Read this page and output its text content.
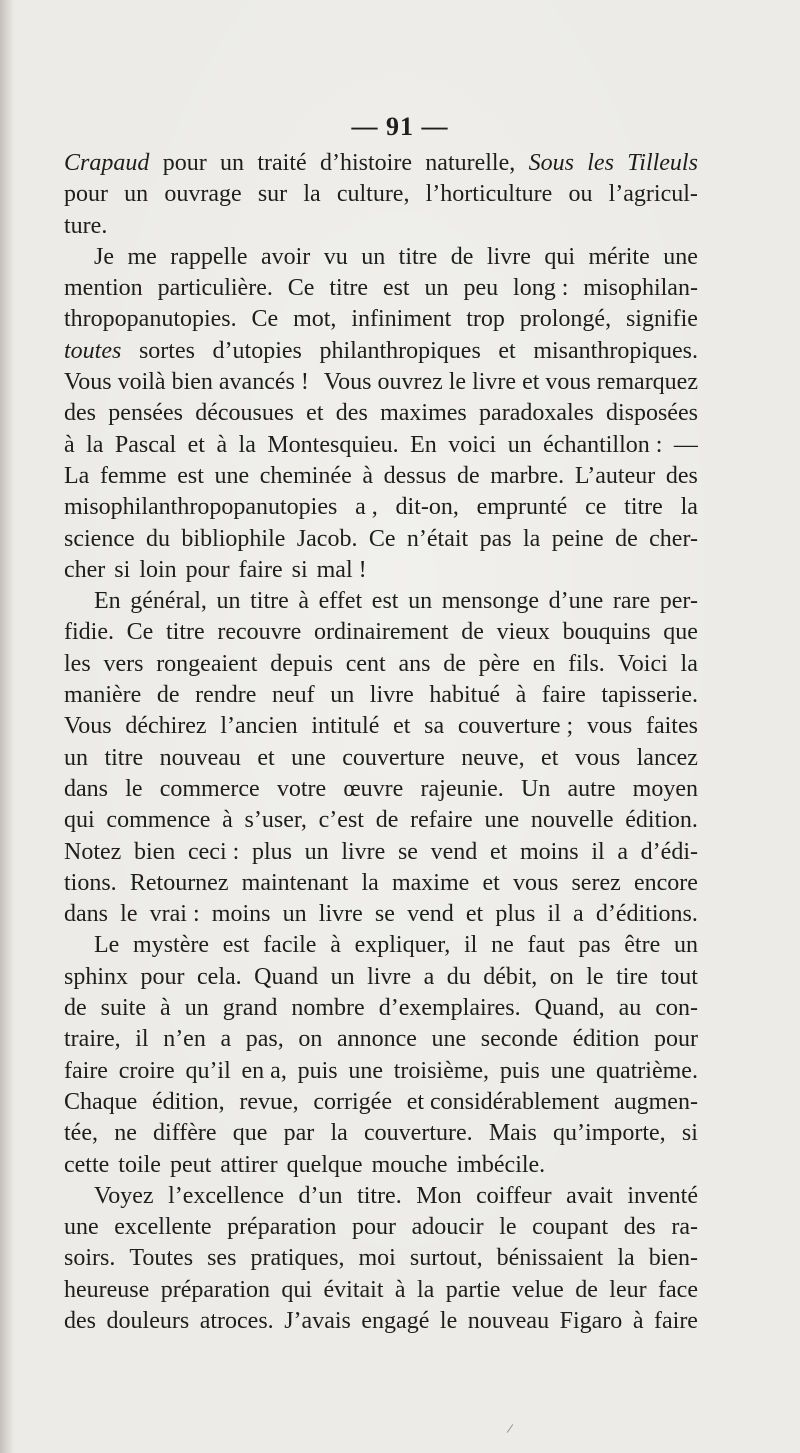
— 91 —
Crapaud pour un traité d’histoire naturelle, Sous les Tilleuls
pour un ouvrage sur la culture, l’horticulture ou l’agricul-
ture.
Je me rappelle avoir vu un titre de livre qui mérite une
mention particulière. Ce titre est un peu long : misophilan-
thropopanutopies. Ce mot, infiniment trop prolongé, signifie
toutes sortes d’utopies philanthropiques et misanthropiques.
Vous voilà bien avancés ! Vous ouvrez le livre et vous remarquez
des pensées décousues et des maximes paradoxales disposées
à la Pascal et à la Montesquieu. En voici un échantillon : —
La femme est une cheminée à dessus de marbre. L’auteur des
misophilanthropopanutopies a , dit-on, emprunté ce titre la
science du bibliophile Jacob. Ce n’était pas la peine de cher-
cher si loin pour faire si mal !
En général, un titre à effet est un mensonge d’une rare per-
fidie. Ce titre recouvre ordinairement de vieux bouquins que
les vers rongeaient depuis cent ans de père en fils. Voici la
manière de rendre neuf un livre habitué à faire tapisserie.
Vous déchirez l’ancien intitulé et sa couverture ; vous faites
un titre nouveau et une couverture neuve, et vous lancez
dans le commerce votre œuvre rajeunie. Un autre moyen
qui commence à s’user, c’est de refaire une nouvelle édition.
Notez bien ceci : plus un livre se vend et moins il a d’édi-
tions. Retournez maintenant la maxime et vous serez encore
dans le vrai : moins un livre se vend et plus il a d’éditions.
Le mystère est facile à expliquer, il ne faut pas être un
sphinx pour cela. Quand un livre a du débit, on le tire tout
de suite à un grand nombre d’exemplaires. Quand, au con-
traire, il n’en a pas, on annonce une seconde édition pour
faire croire qu’il en a, puis une troisième, puis une quatrième.
Chaque édition, revue, corrigée et considérablement augmen-
tée, ne diffère que par la couverture. Mais qu’importe, si
cette toile peut attirer quelque mouche imbécile.
Voyez l’excellence d’un titre. Mon coiffeur avait inventé
une excellente préparation pour adoucir le coupant des ra-
soirs. Toutes ses pratiques, moi surtout, bénissaient la bien-
heureuse préparation qui évitait à la partie velue de leur face
des douleurs atroces. J’avais engagé le nouveau Figaro à faire
